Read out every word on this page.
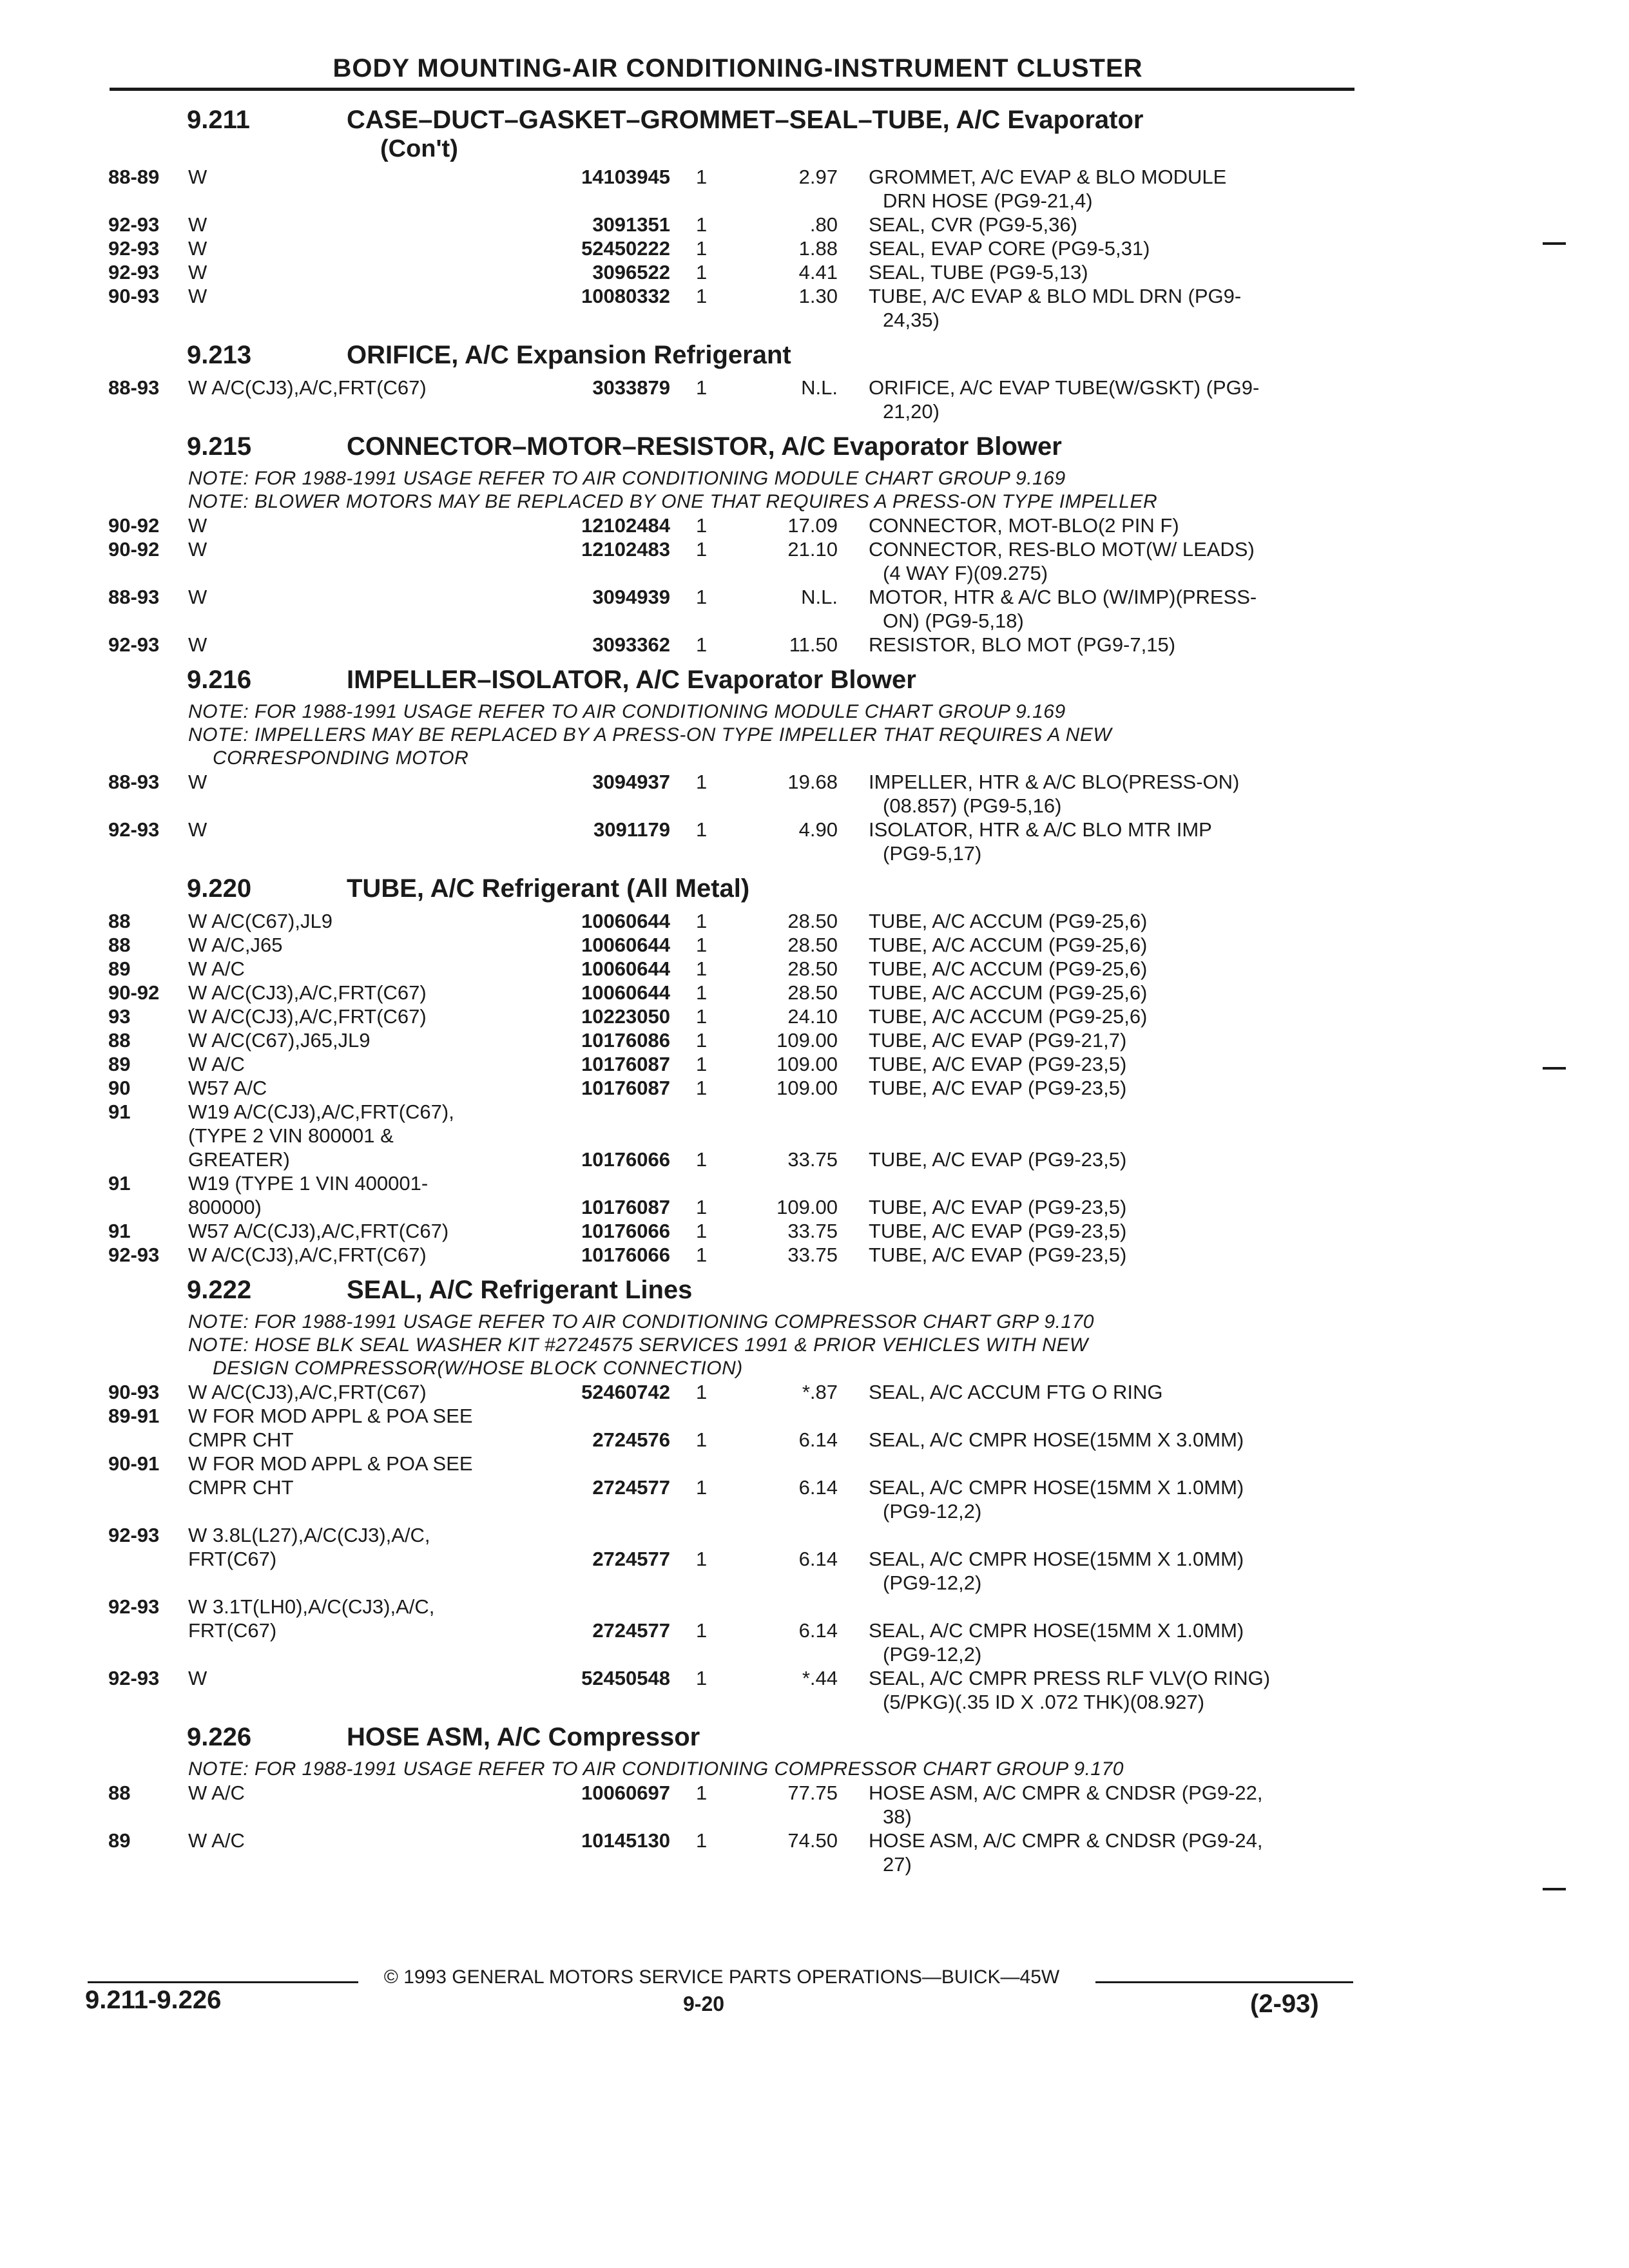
BODY MOUNTING-AIR CONDITIONING-INSTRUMENT CLUSTER
9.211	CASE–DUCT–GASKET–GROMMET–SEAL–TUBE, A/C Evaporator
(Con't)
88-89 W	14103945 1	2.97 GROMMET, A/C EVAP & BLO MODULE
DRN HOSE (PG9-21,4)
92-93 W	3091351 1	.80 SEAL, CVR (PG9-5,36)
92-93 W	52450222 1	1.88 SEAL, EVAP CORE (PG9-5,31)
92-93 W	3096522 1	4.41 SEAL, TUBE (PG9-5,13)
90-93 W	10080332 1	1.30 TUBE, A/C EVAP & BLO MDL DRN (PG9-
24,35)
9.213	ORIFICE, A/C Expansion Refrigerant
88-93 W A/C(CJ3),A/C,FRT(C67)	3033879 1	N.L. ORIFICE, A/C EVAP TUBE(W/GSKT) (PG9-
21,20)
9.215	CONNECTOR–MOTOR–RESISTOR, A/C Evaporator Blower
NOTE: FOR 1988-1991 USAGE REFER TO AIR CONDITIONING MODULE CHART GROUP 9.169
NOTE: BLOWER MOTORS MAY BE REPLACED BY ONE THAT REQUIRES A PRESS-ON TYPE IMPELLER
90-92 W	12102484 1	17.09 CONNECTOR, MOT-BLO(2 PIN F)
90-92 W	12102483 1	21.10 CONNECTOR, RES-BLO MOT(W/ LEADS)
(4 WAY F)(09.275)
88-93 W	3094939 1	N.L. MOTOR, HTR & A/C BLO (W/IMP)(PRESS-
ON) (PG9-5,18)
92-93 W	3093362 1	11.50 RESISTOR, BLO MOT (PG9-7,15)
9.216	IMPELLER–ISOLATOR, A/C Evaporator Blower
NOTE: FOR 1988-1991 USAGE REFER TO AIR CONDITIONING MODULE CHART GROUP 9.169
NOTE: IMPELLERS MAY BE REPLACED BY A PRESS-ON TYPE IMPELLER THAT REQUIRES A NEW
CORRESPONDING MOTOR
88-93 W	3094937 1	19.68 IMPELLER, HTR & A/C BLO(PRESS-ON)
(08.857) (PG9-5,16)
92-93 W	3091179 1	4.90 ISOLATOR, HTR & A/C BLO MTR IMP
(PG9-5,17)
9.220	TUBE, A/C Refrigerant (All Metal)
88	W A/C(C67),JL9	10060644 1	28.50 TUBE, A/C ACCUM (PG9-25,6)
88	W A/C,J65	10060644 1	28.50 TUBE, A/C ACCUM (PG9-25,6)
89	W A/C	10060644 1	28.50 TUBE, A/C ACCUM (PG9-25,6)
90-92 W A/C(CJ3),A/C,FRT(C67)	10060644 1	28.50 TUBE, A/C ACCUM (PG9-25,6)
93	W A/C(CJ3),A/C,FRT(C67)	10223050 1	24.10 TUBE, A/C ACCUM (PG9-25,6)
88	W A/C(C67),J65,JL9	10176086 1	109.00 TUBE, A/C EVAP (PG9-21,7)
89	W A/C	10176087 1	109.00 TUBE, A/C EVAP (PG9-23,5)
90	W57 A/C	10176087 1	109.00 TUBE, A/C EVAP (PG9-23,5)
91	W19 A/C(CJ3),A/C,FRT(C67),
(TYPE 2 VIN 800001 &
GREATER)	10176066 1	33.75 TUBE, A/C EVAP (PG9-23,5)
91	W19 (TYPE 1 VIN 400001-
800000)	10176087 1	109.00 TUBE, A/C EVAP (PG9-23,5)
91	W57 A/C(CJ3),A/C,FRT(C67)	10176066 1	33.75 TUBE, A/C EVAP (PG9-23,5)
92-93 W A/C(CJ3),A/C,FRT(C67)	10176066 1	33.75 TUBE, A/C EVAP (PG9-23,5)
9.222	SEAL, A/C Refrigerant Lines
NOTE: FOR 1988-1991 USAGE REFER TO AIR CONDITIONING COMPRESSOR CHART GRP 9.170
NOTE: HOSE BLK SEAL WASHER KIT #2724575 SERVICES 1991 & PRIOR VEHICLES WITH NEW
DESIGN COMPRESSOR(W/HOSE BLOCK CONNECTION)
90-93 W A/C(CJ3),A/C,FRT(C67)	52460742 1	*.87 SEAL, A/C ACCUM FTG O RING
89-91 W FOR MOD APPL & POA SEE
CMPR CHT	2724576 1	6.14 SEAL, A/C CMPR HOSE(15MM X 3.0MM)
90-91 W FOR MOD APPL & POA SEE
CMPR CHT	2724577 1	6.14 SEAL, A/C CMPR HOSE(15MM X 1.0MM)
(PG9-12,2)
92-93 W 3.8L(L27),A/C(CJ3),A/C,
FRT(C67)	2724577 1	6.14 SEAL, A/C CMPR HOSE(15MM X 1.0MM)
(PG9-12,2)
92-93 W 3.1T(LH0),A/C(CJ3),A/C,
FRT(C67)	2724577 1	6.14 SEAL, A/C CMPR HOSE(15MM X 1.0MM)
(PG9-12,2)
92-93 W	52450548 1	*.44 SEAL, A/C CMPR PRESS RLF VLV(O RING)
(5/PKG)(.35 ID X .072 THK)(08.927)
9.226	HOSE ASM, A/C Compressor
NOTE: FOR 1988-1991 USAGE REFER TO AIR CONDITIONING COMPRESSOR CHART GROUP 9.170
88	W A/C	10060697 1	77.75 HOSE ASM, A/C CMPR & CNDSR (PG9-22,
38)
89	W A/C	10145130 1	74.50 HOSE ASM, A/C CMPR & CNDSR (PG9-24,
27)
© 1993 GENERAL MOTORS SERVICE PARTS OPERATIONS—BUICK—45W
9.211-9.226	9-20	(2-93)
